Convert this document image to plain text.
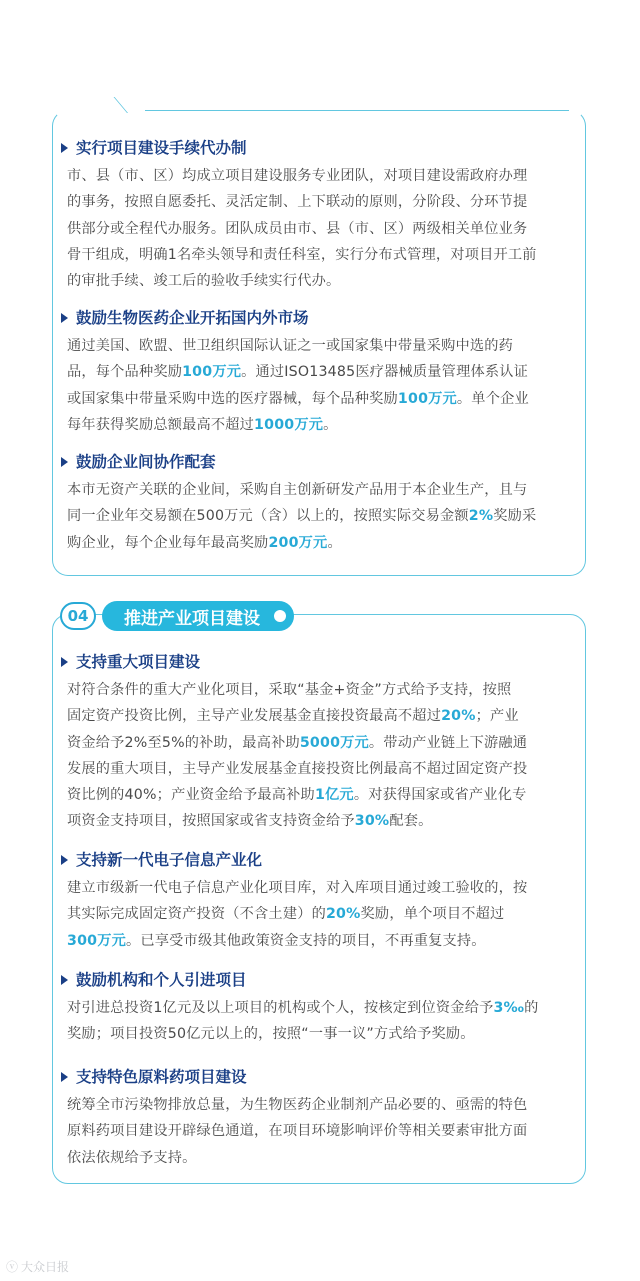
实行项目建设手续代办制
市、县（市、区）均成立项目建设服务专业团队，对项目建设需政府办理
的事务，按照自愿委托、灵活定制、上下联动的原则，分阶段、分环节提
供部分或全程代办服务。团队成员由市、县（市、区）两级相关单位业务
骨干组成，明确1名牵头领导和责任科室，实行分布式管理，对项目开工前
的审批手续、竣工后的验收手续实行代办。
鼓励生物医药企业开拓国内外市场
通过美国、欧盟、世卫组织国际认证之一或国家集中带量采购中选的药
品，每个品种奖励100万元。通过ISO13485医疗器械质量管理体系认证
或国家集中带量采购中选的医疗器械，每个品种奖励100万元。单个企业
每年获得奖励总额最高不超过1000万元。
鼓励企业间协作配套
本市无资产关联的企业间，采购自主创新研发产品用于本企业生产，且与
同一企业年交易额在500万元（含）以上的，按照实际交易金额2%奖励采
购企业，每个企业每年最高奖励200万元。
支持重大项目建设
对符合条件的重大产业化项目，采取“基金+资金”方式给予支持，按照
固定资产投资比例，主导产业发展基金直接投资最高不超过20%；产业
资金给予2%至5%的补助，最高补助5000万元。带动产业链上下游融通
发展的重大项目，主导产业发展基金直接投资比例最高不超过固定资产投
资比例的40%；产业资金给予最高补助1亿元。对获得国家或省产业化专
项资金支持项目，按照国家或省支持资金给予30%配套。
支持新一代电子信息产业化
建立市级新一代电子信息产业化项目库，对入库项目通过竣工验收的，按
其实际完成固定资产投资（不含土建）的20%奖励，单个项目不超过
300万元。已享受市级其他政策资金支持的项目，不再重复支持。
鼓励机构和个人引进项目
对引进总投资1亿元及以上项目的机构或个人，按核定到位资金给予3‰的
奖励；项目投资50亿元以上的，按照“一事一议”方式给予奖励。
支持特色原料药项目建设
统筹全市污染物排放总量，为生物医药企业制剂产品必要的、亟需的特色
原料药项目建设开辟绿色通道，在项目环境影响评价等相关要素审批方面
依法依规给予支持。
04	推进产业项目建设
ⓥ 大众日报
